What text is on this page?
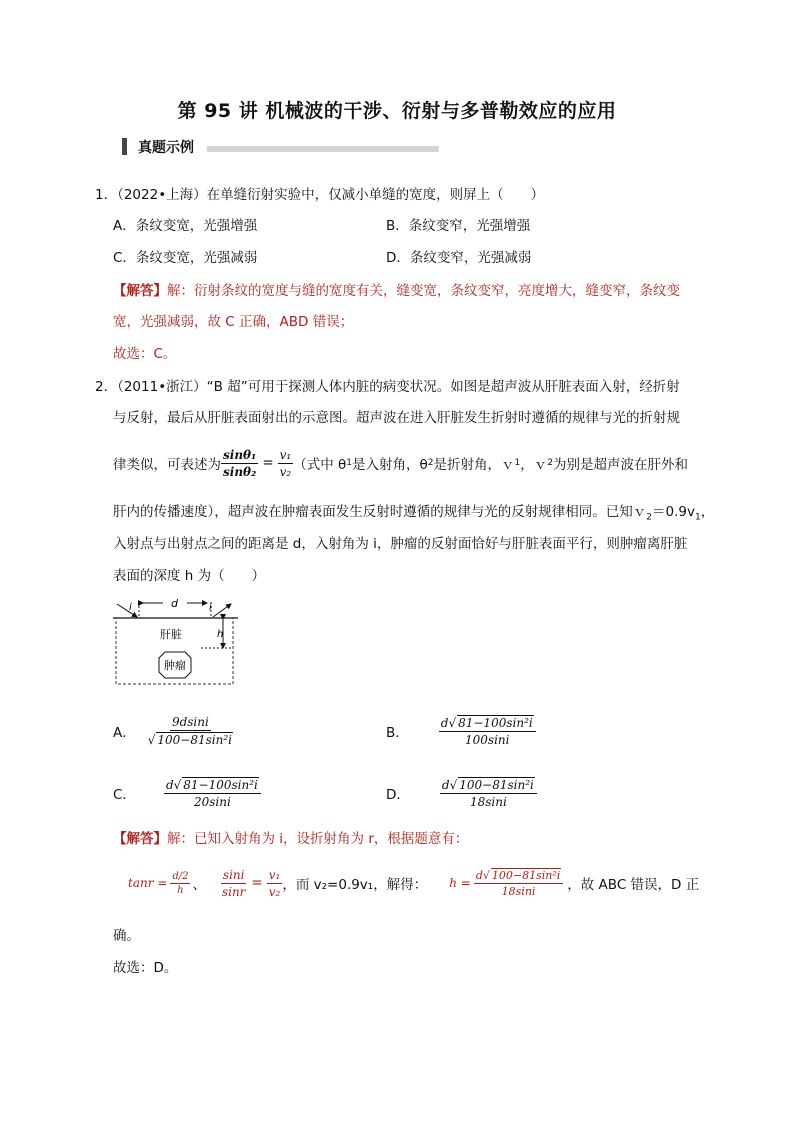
第 95 讲 机械波的干涉、衍射与多普勒效应的应用
真题示例
1．（2022•上海）在单缝衍射实验中，仅减小单缝的宽度，则屏上（　　）
A．条纹变宽，光强增强	B．条纹变窄，光强增强
C．条纹变宽，光强减弱	D．条纹变窄，光强减弱
【解答】解：衍射条纹的宽度与缝的宽度有关，缝变宽，条纹变窄，亮度增大，缝变窄，条纹变
宽，光强减弱，故 C 正确，ABD 错误；
故选：C。
2．（2011•浙江）“B 超”可用于探测人体内脏的病变状况。如图是超声波从肝脏表面入射，经折射
与反射，最后从肝脏表面射出的示意图。超声波在进入肝脏发生折射时遵循的规律与光的折射规
律类似，可表述为 $\frac{\text{sinθ₁}}{\text{sinθ₂}} = \frac{\text{v₁}}{\text{v₂}}$ （式中 θ 1 是入射角，θ 2 是折射角，ｖ 1 ，ｖ 2 为别是超声波在肝外和
肝内的传播速度），超声波在肿瘤表面发生反射时遵循的规律与光的反射规律相同。已知$v_2=0.9v_1$，
入射点与出射点之间的距离是 d，入射角为 i，肿瘤的反射面恰好与肝脏表面平行，则肿瘤离肝脏
表面的深度 h 为（　　）
i	d	i
肝脏	h
肿瘤
A． $\frac{9dsini}{\text{√ 100−81sin²i}}$	B．	$\frac{\text{d√ 81−100sin²i}}{100\sin i}$
C． $\frac{\text{d√ 81−100sin²i}}{20\sin i}$	D．	$\frac{\text{d√ 100−81sin²i}}{18\sin i}$
【解答】解：已知入射角为 i，设折射角为 r，根据题意有：
$\tan r = \frac{d/2}{h}$ 、 $\frac{\sin i}{\sin r} = \frac{\text{v₁}}{\text{v₂}}$ ，而 v₂=0.9v₁，解得： $h = \frac{\text{d√ 100−81sin²i}}{18\sin i}$ ，故 ABC 错误，D 正
确。
故选：D。
